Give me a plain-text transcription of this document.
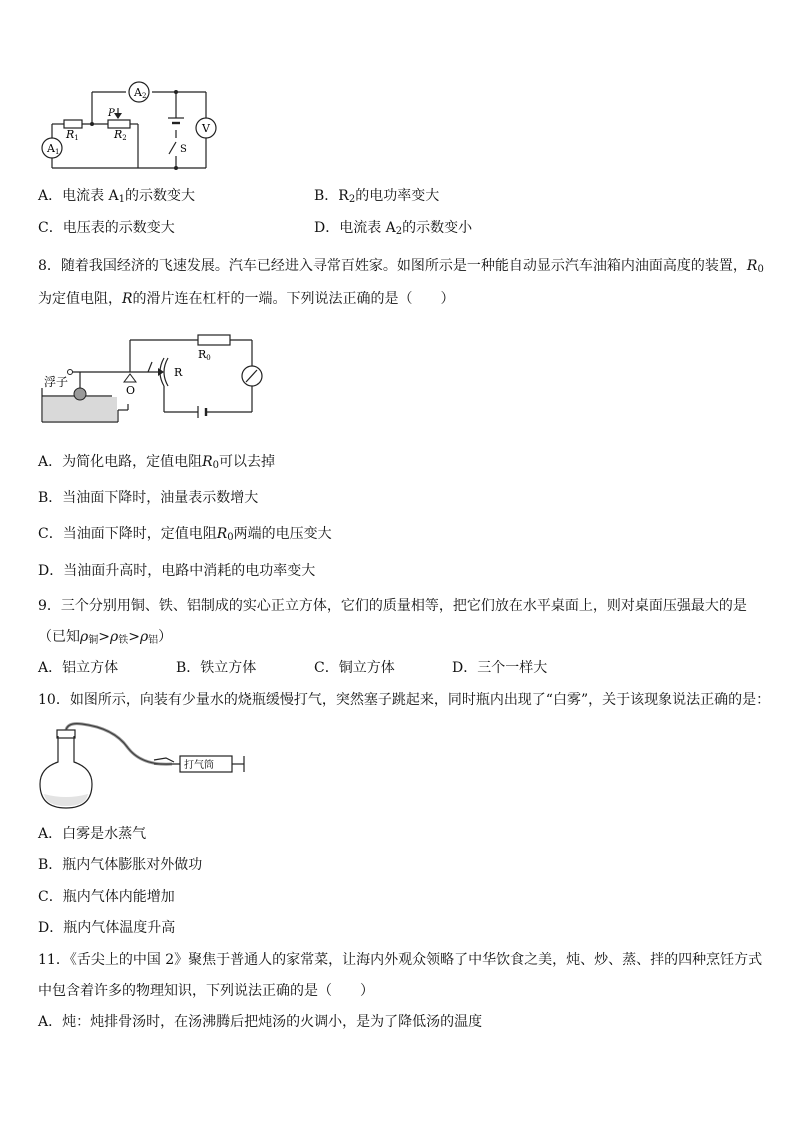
A2
A1
V
R1	R2
P
S
A．电流表 $A_1$的示数变大	B．$R_2$的电功率变大
C．电压表的示数变大	D．电流表 $A_2$的示数变小
8．随着我国经济的飞速发展。汽车已经进入寻常百姓家。如图所示是一种能自动显示汽车油箱内油面高度的装置，$R_0$
为定值电阻，R的滑片连在杠杆的一端。下列说法正确的是（　　）
浮子
R0
R
O
A．为简化电路，定值电阻$R_0$可以去掉
B．当油面下降时，油量表示数增大
C．当油面下降时，定值电阻$R_0$两端的电压变大
D．当油面升高时，电路中消耗的电功率变大
9．三个分别用铜、铁、铝制成的实心正立方体，它们的质量相等，把它们放在水平桌面上，则对桌面压强最大的是
（已知$\rho_铜>\rho_铁>\rho_铝$）
A．铝立方体	B．铁立方体	C．铜立方体	D．三个一样大
10．如图所示，向装有少量水的烧瓶缓慢打气，突然塞子跳起来，同时瓶内出现了“白雾”，关于该现象说法正确的是：
打气筒
A．白雾是水蒸气
B．瓶内气体膨胀对外做功
C．瓶内气体内能增加
D．瓶内气体温度升高
11．《舌尖上的中国 2》聚焦于普通人的家常菜，让海内外观众领略了中华饮食之美，炖、炒、蒸、拌的四种烹饪方式
中包含着许多的物理知识，下列说法正确的是（　　）
A．炖：炖排骨汤时，在汤沸腾后把炖汤的火调小，是为了降低汤的温度
